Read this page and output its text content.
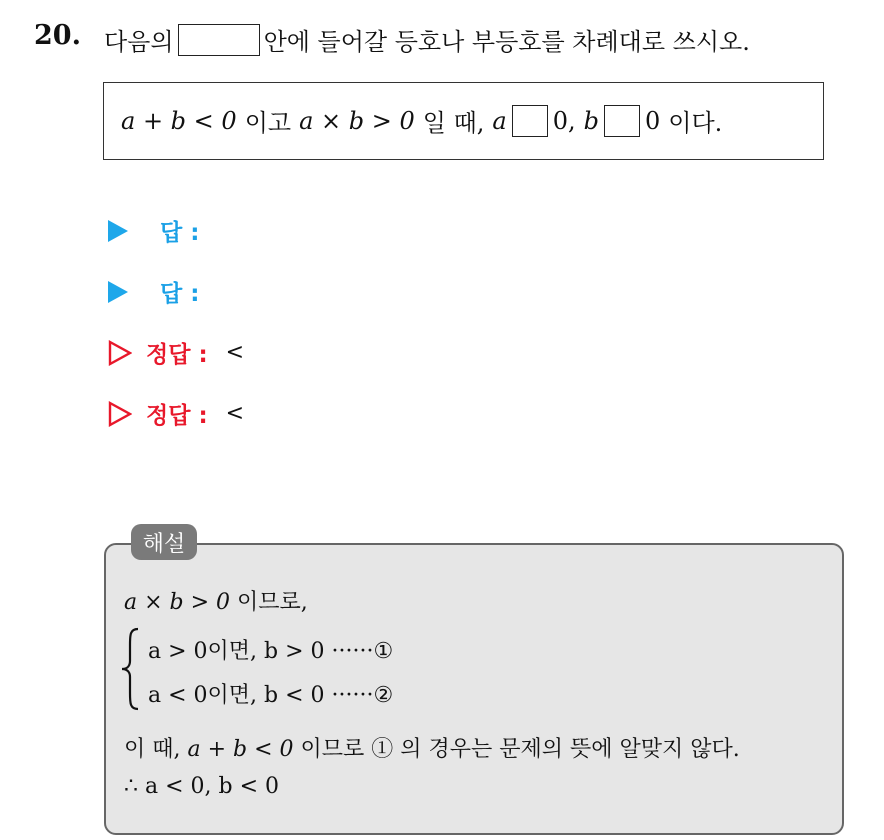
20. 다음의	안에 들어갈 등호나 부등호를 차례대로 쓰시오.
a + b < 0 이고 a × b > 0 일 때, a 0, b 0 이다.
답 :
답 :
정답 : <
정답 : <
해설
a × b > 0 이므로,
a > 0이면, b > 0 ······①
a < 0이면, b < 0 ······②
이 때, a + b < 0 이므로 ① 의 경우는 문제의 뜻에 알맞지 않다.
∴ a < 0, b < 0
